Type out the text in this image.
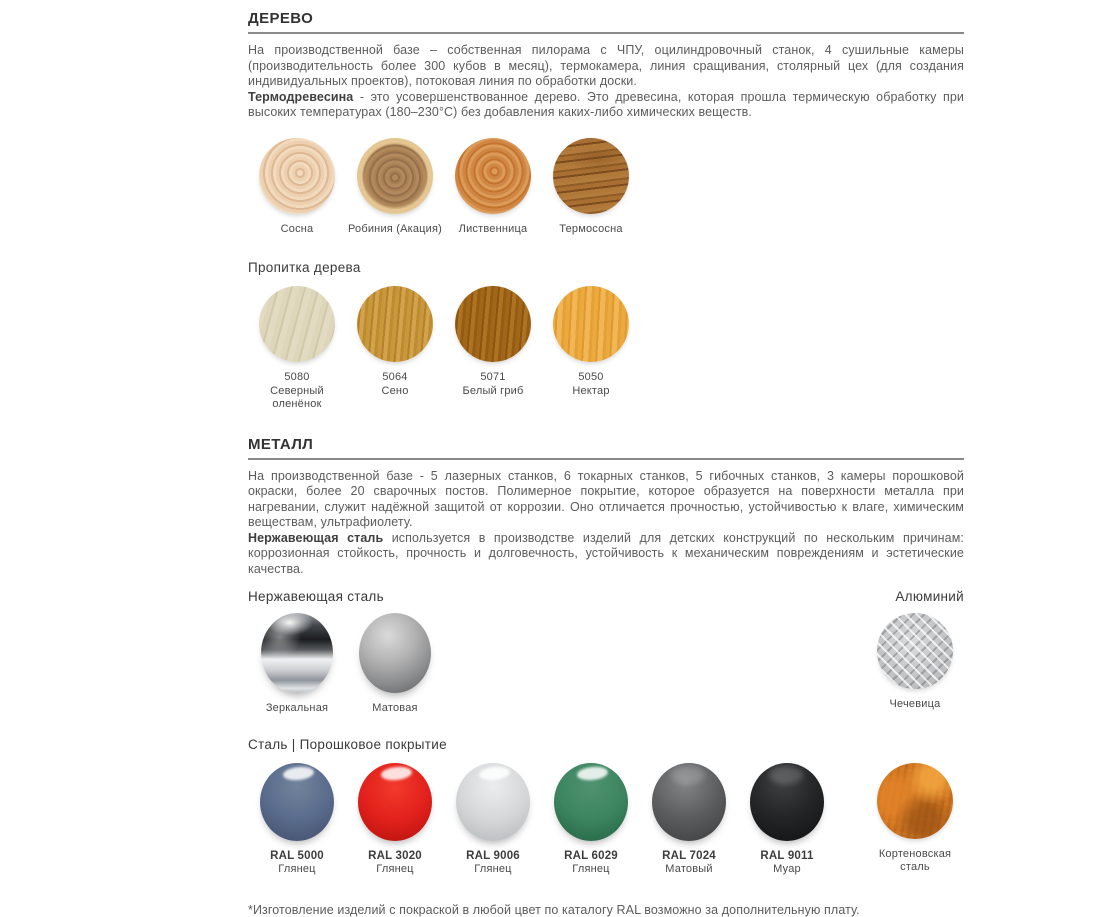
ДЕРЕВО

На производственной базе – собственная пилорама с ЧПУ, оцилиндровочный станок, 4 сушильные камеры (производительность более 300 кубов в месяц), термокамера, линия сращивания, столярный цех (для создания индивидуальных проектов), потоковая линия по обработки доски.

Термодревесина - это усовершенствованное дерево. Это древесина, которая прошла термическую обработку при высоких температурах (180–230°C) без добавления каких-либо химических веществ.

Сосна	Робиния (Акация)	Лиственница	Термососна
Пропитка дерева
5080
Северный оленёнок
5064
Сено
5071
Белый гриб
5050
Нектар
МЕТАЛЛ

На производственной базе - 5 лазерных станков, 6 токарных станков, 5 гибочных станков, 3 камеры порошковой окраски, более 20 сварочных постов. Полимерное покрытие, которое образуется на поверхности металла при нагревании, служит надёжной защитой от коррозии. Оно отличается прочностью, устойчивостью к влаге, химическим веществам, ультрафиолету.

Нержавеющая сталь используется в производстве изделий для детских конструкций по нескольким причинам: коррозионная стойкость, прочность и долговечность, устойчивость к механическим повреждениям и эстетические качества.

Нержавеющая сталь	Алюминий
Зеркальная	Матовая	Чечевица
Сталь | Порошковое покрытие
RAL 5000
Глянец
RAL 3020
Глянец
RAL 9006
Глянец
RAL 6029
Глянец
RAL 7024
Матовый
RAL 9011
Муар
Кортеновская сталь
*Изготовление изделий с покраской в любой цвет по каталогу RAL возможно за дополнительную плату.
